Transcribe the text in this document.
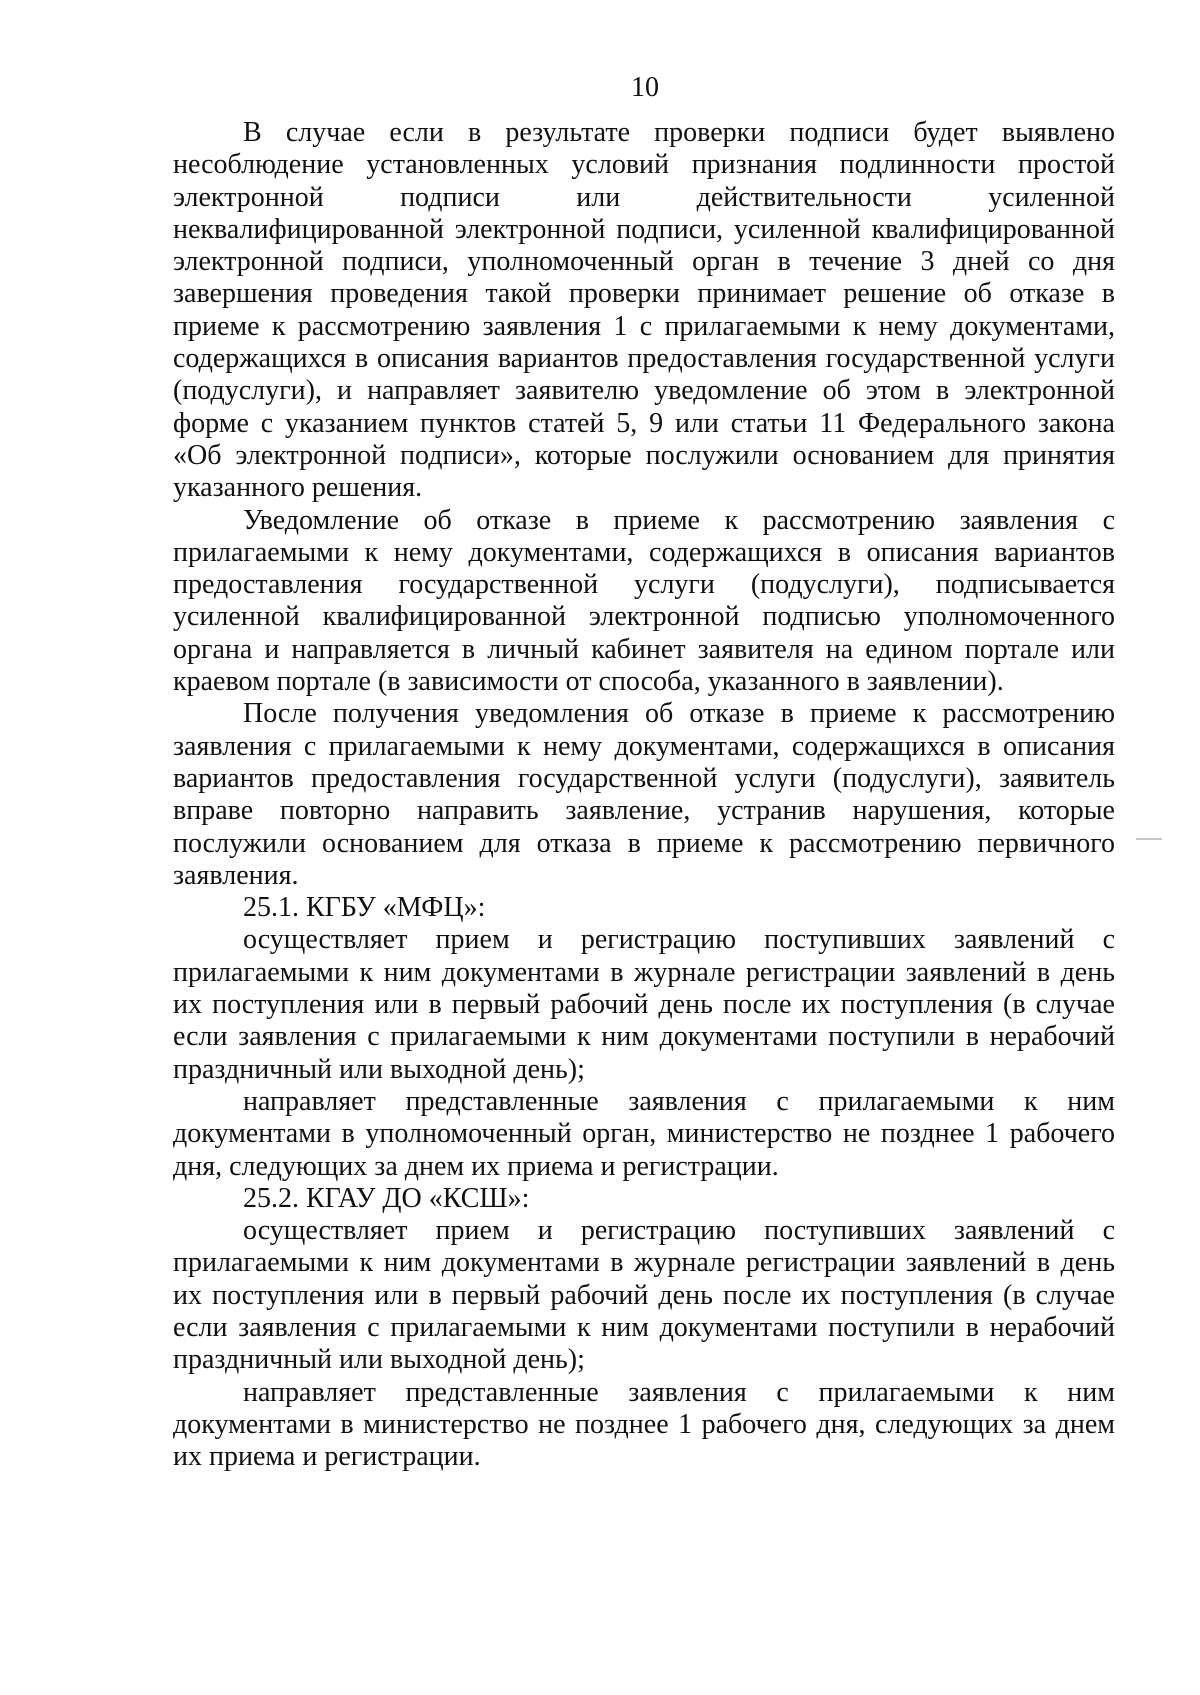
10

В случае если в результате проверки подписи будет выявлено несоблюдение установленных условий признания подлинности простой электронной подписи или действительности усиленной неквалифицированной электронной подписи, усиленной квалифицированной электронной подписи, уполномоченный орган в течение 3 дней со дня завершения проведения такой проверки принимает решение об отказе в приеме к рассмотрению заявления 1 с прилагаемыми к нему документами, содержащихся в описания вариантов предоставления государственной услуги (подуслуги), и направляет заявителю уведомление об этом в электронной форме с указанием пунктов статей 5, 9 или статьи 11 Федерального закона «Об электронной подписи», которые послужили основанием для принятия указанного решения.

Уведомление об отказе в приеме к рассмотрению заявления с прилагаемыми к нему документами, содержащихся в описания вариантов предоставления государственной услуги (подуслуги), подписывается усиленной квалифицированной электронной подписью уполномоченного органа и направляется в личный кабинет заявителя на едином портале или краевом портале (в зависимости от способа, указанного в заявлении).

После получения уведомления об отказе в приеме к рассмотрению заявления с прилагаемыми к нему документами, содержащихся в описания вариантов предоставления государственной услуги (подуслуги), заявитель вправе повторно направить заявление, устранив нарушения, которые послужили основанием для отказа в приеме к рассмотрению первичного заявления.

25.1. КГБУ «МФЦ»:

осуществляет прием и регистрацию поступивших заявлений с прилагаемыми к ним документами в журнале регистрации заявлений в день их поступления или в первый рабочий день после их поступления (в случае если заявления с прилагаемыми к ним документами поступили в нерабочий праздничный или выходной день);

направляет представленные заявления с прилагаемыми к ним документами в уполномоченный орган, министерство не позднее 1 рабочего дня, следующих за днем их приема и регистрации.

25.2. КГАУ ДО «КСШ»:

осуществляет прием и регистрацию поступивших заявлений с прилагаемыми к ним документами в журнале регистрации заявлений в день их поступления или в первый рабочий день после их поступления (в случае если заявления с прилагаемыми к ним документами поступили в нерабочий праздничный или выходной день);

направляет представленные заявления с прилагаемыми к ним документами в министерство не позднее 1 рабочего дня, следующих за днем их приема и регистрации.
